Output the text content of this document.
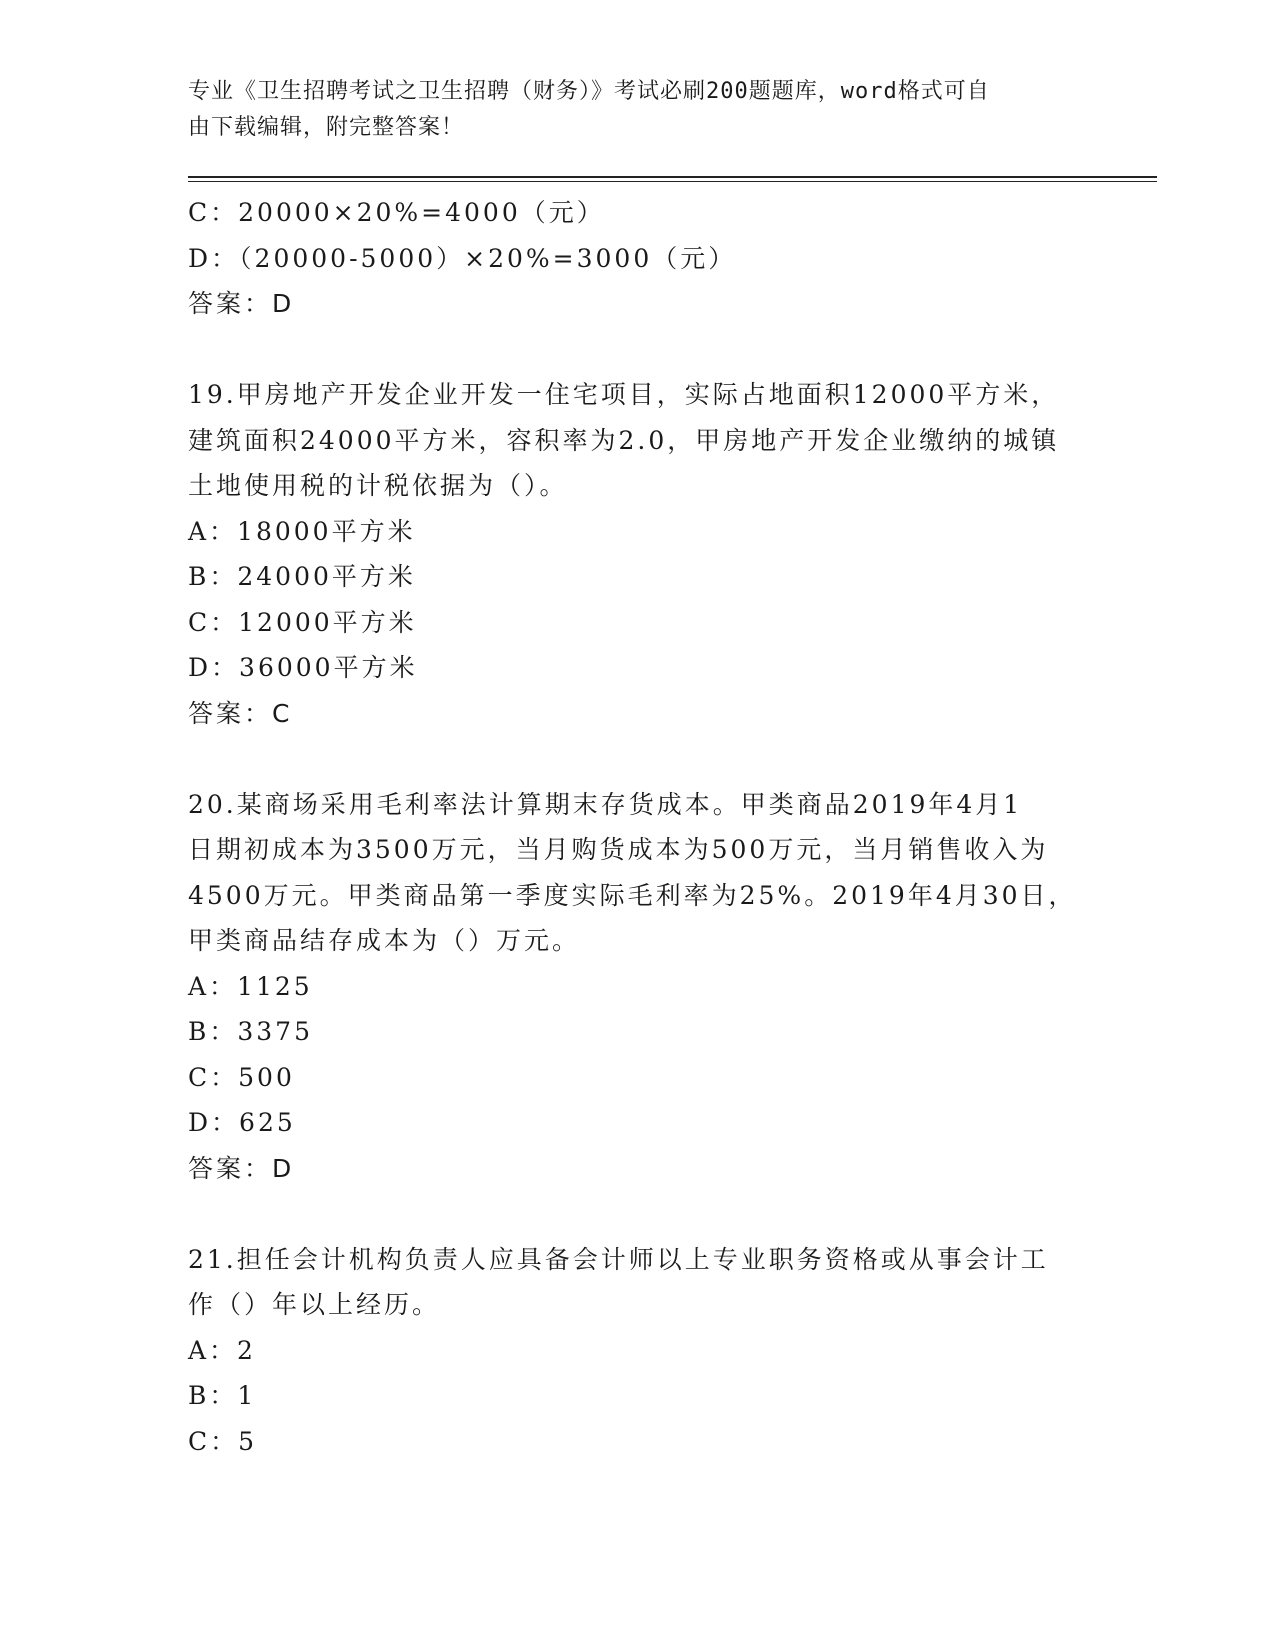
专业《卫生招聘考试之卫生招聘（财务）》考试必刷200题题库，word格式可自
由下载编辑，附完整答案！
C：20000×20%=4000（元）
D：（20000-5000）×20%=3000（元）
答案：D
19.甲房地产开发企业开发一住宅项目，实际占地面积12000平方米，
建筑面积24000平方米，容积率为2.0，甲房地产开发企业缴纳的城镇
土地使用税的计税依据为（）。
A：18000平方米
B：24000平方米
C：12000平方米
D：36000平方米
答案：C
20.某商场采用毛利率法计算期末存货成本。甲类商品2019年4月1
日期初成本为3500万元，当月购货成本为500万元，当月销售收入为
4500万元。甲类商品第一季度实际毛利率为25%。2019年4月30日，
甲类商品结存成本为（）万元。
A：1125
B：3375
C：500
D：625
答案：D
21.担任会计机构负责人应具备会计师以上专业职务资格或从事会计工
作（）年以上经历。
A：2
B：1
C：5
